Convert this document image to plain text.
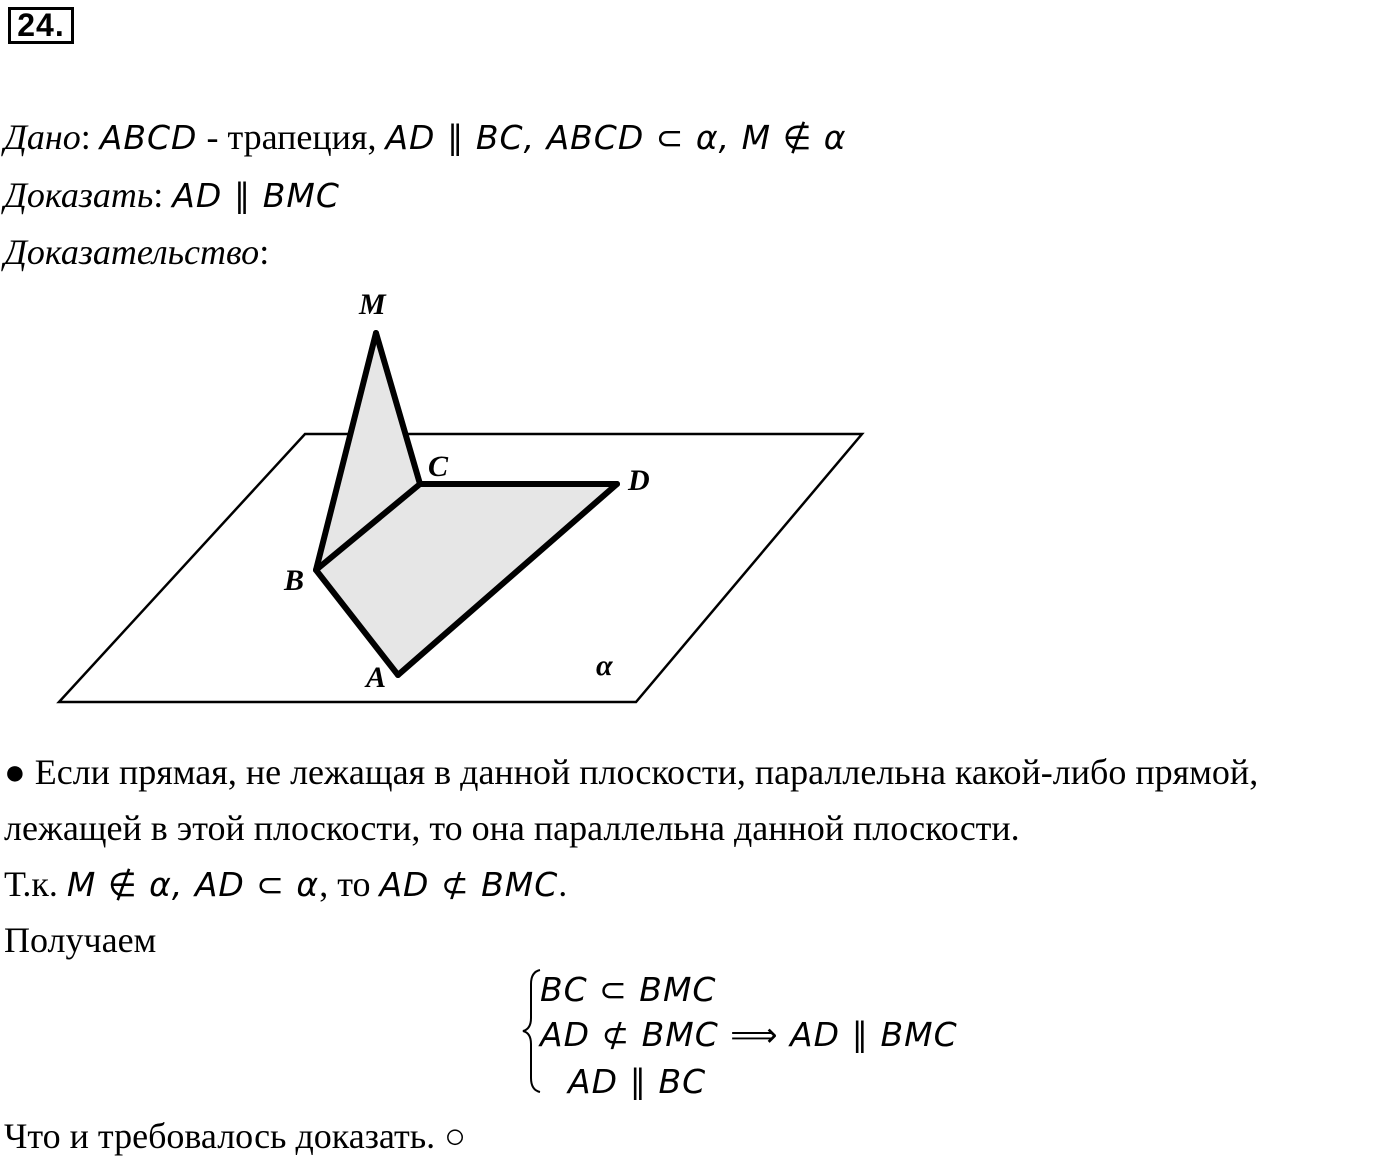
24.
Дано: ABCD - трапеция, AD ∥ BC, ABCD ⊂ α, M ∉ α
Доказать: AD ∥ BMC
Доказательство:
M
C	D
B
A	α
● Если прямая, не лежащая в данной плоскости, параллельна какой-либо прямой,
лежащей в этой плоскости, то она параллельна данной плоскости.
Т.к. M ∉ α, AD ⊂ α, то AD ⊄ BMC.
Получаем
BC ⊂ BMC
AD ⊄ BMC ⟹ AD ∥ BMC
AD ∥ BC
Что и требовалось доказать. ○
